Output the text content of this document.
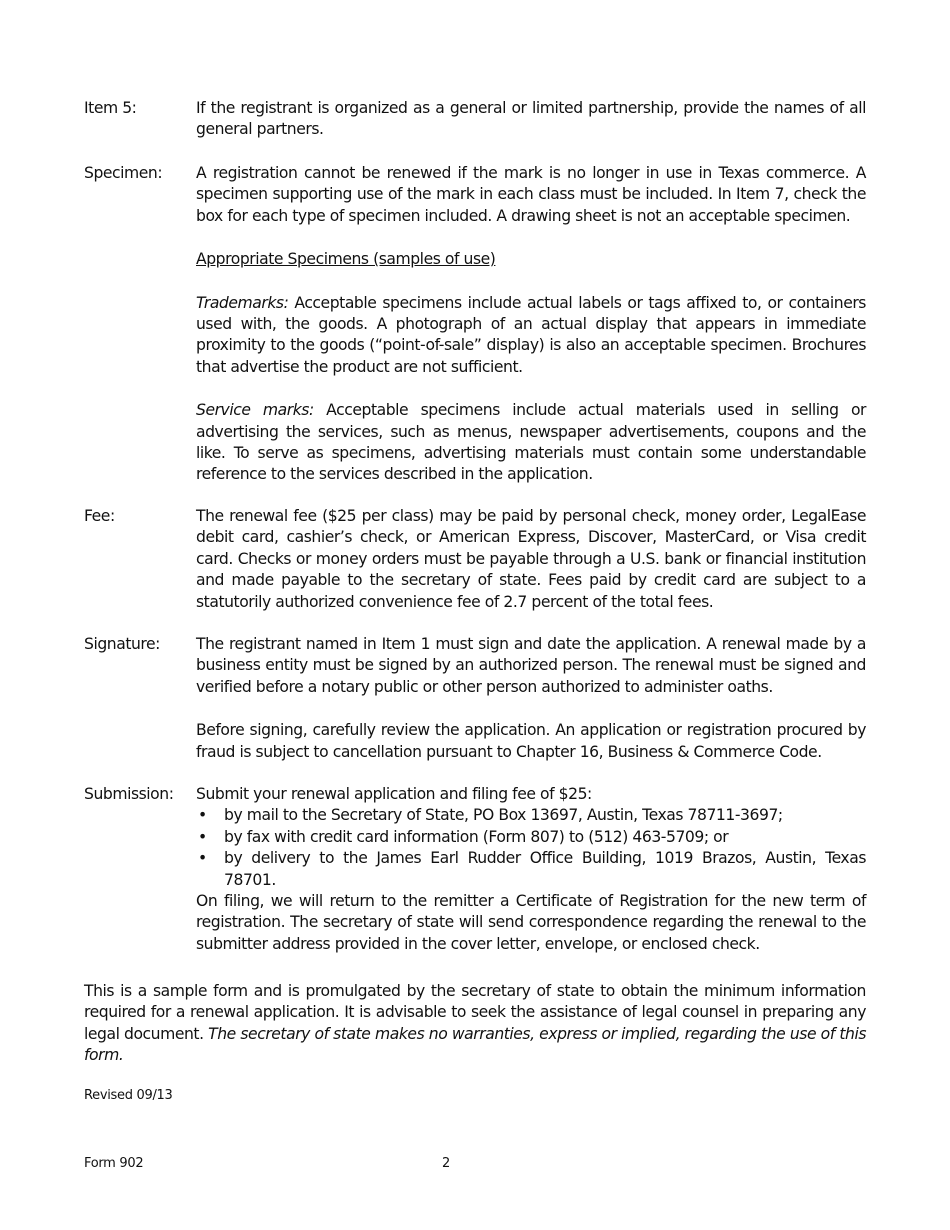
Item 5:	If the registrant is organized as a general or limited partnership, provide the names of all general partners.

Specimen:	A registration cannot be renewed if the mark is no longer in use in Texas commerce. A specimen supporting use of the mark in each class must be included. In Item 7, check the box for each type of specimen included. A drawing sheet is not an acceptable specimen.

Appropriate Specimens (samples of use)

Trademarks: Acceptable specimens include actual labels or tags affixed to, or containers used with, the goods. A photograph of an actual display that appears in immediate proximity to the goods (“point-of-sale” display) is also an acceptable specimen. Brochures that advertise the product are not sufficient.

Service marks: Acceptable specimens include actual materials used in selling or advertising the services, such as menus, newspaper advertisements, coupons and the like. To serve as specimens, advertising materials must contain some understandable reference to the services described in the application.

Fee:	The renewal fee ($25 per class) may be paid by personal check, money order, LegalEase debit card, cashier’s check, or American Express, Discover, MasterCard, or Visa credit card. Checks or money orders must be payable through a U.S. bank or financial institution and made payable to the secretary of state. Fees paid by credit card are subject to a statutorily authorized convenience fee of 2.7 percent of the total fees.

Signature:	The registrant named in Item 1 must sign and date the application. A renewal made by a business entity must be signed by an authorized person. The renewal must be signed and verified before a notary public or other person authorized to administer oaths.

Before signing, carefully review the application. An application or registration procured by fraud is subject to cancellation pursuant to Chapter 16, Business & Commerce Code.

Submission:	Submit your renewal application and filing fee of $25:
• by mail to the Secretary of State, PO Box 13697, Austin, Texas 78711-3697;
• by fax with credit card information (Form 807) to (512) 463-5709; or
• by delivery to the James Earl Rudder Office Building, 1019 Brazos, Austin, Texas 78701.

On filing, we will return to the remitter a Certificate of Registration for the new term of registration. The secretary of state will send correspondence regarding the renewal to the submitter address provided in the cover letter, envelope, or enclosed check.

This is a sample form and is promulgated by the secretary of state to obtain the minimum information required for a renewal application. It is advisable to seek the assistance of legal counsel in preparing any legal document. The secretary of state makes no warranties, express or implied, regarding the use of this form.
Revised 09/13
Form 902	2
